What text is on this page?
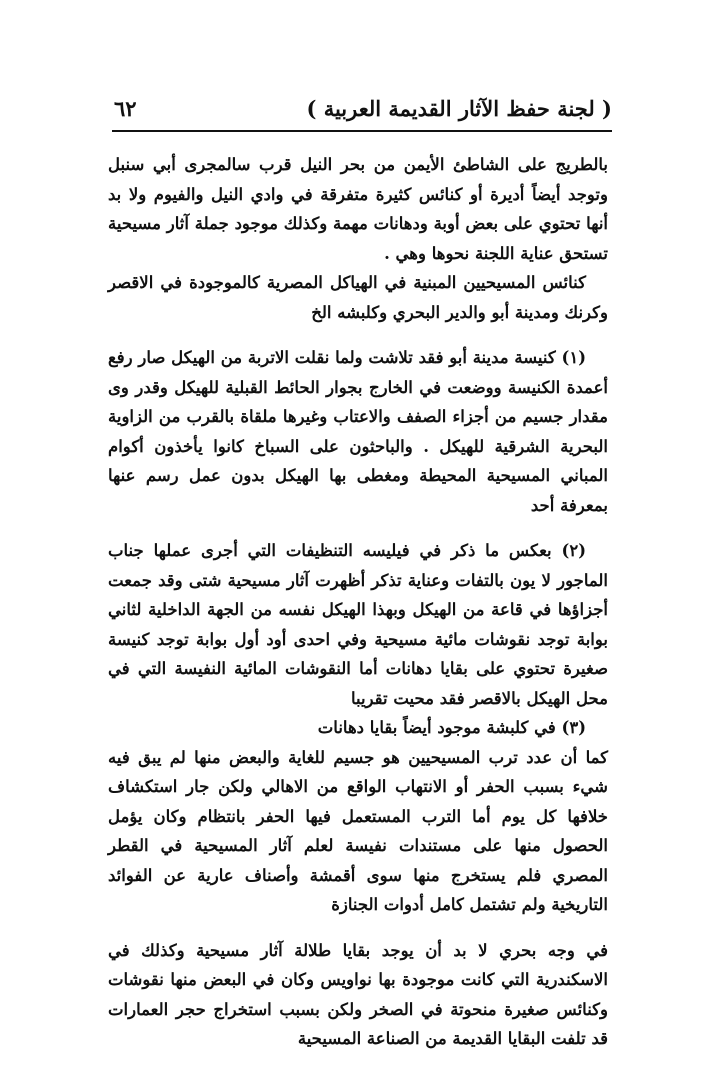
( لجنة حفظ الآثار القديمة العربية )
٦٢

بالطريج على الشاطئ الأيمن من بحر النيل قرب سالمجرى أبي سنبل وتوجد أيضاً أديرة أو كنائس كثيرة متفرقة في وادي النيل والفيوم ولا بد أنها تحتوي على بعض أوبة ودهانات مهمة وكذلك موجود جملة آثار مسيحية تستحق عناية اللجنة نحوها وهي .

كنائس المسيحيين المبنية في الهياكل المصرية كالموجودة في الاقصر وكرنك ومدينة أبو والدير البحري وكلبشه الخ

(١) كنيسة مدينة أبو فقد تلاشت ولما نقلت الاتربة من الهيكل صار رفع أعمدة الكنيسة ووضعت في الخارج بجوار الحائط القبلية للهيكل وقدر وى مقدار جسيم من أجزاء الصفف والاعتاب وغيرها ملقاة بالقرب من الزاوية البحرية الشرقية للهيكل . والباحثون على السباخ كانوا يأخذون أكوام المباني المسيحية المحيطة ومغطى بها الهيكل بدون عمل رسم عنها بمعرفة أحد

(٢) بعكس ما ذكر في فيليسه التنظيفات التي أجرى عملها جناب الماجور لا يون بالتفات وعناية تذكر أظهرت آثار مسيحية شتى وقد جمعت أجزاؤها في قاعة من الهيكل وبهذا الهيكل نفسه من الجهة الداخلية لثاني بوابة توجد نقوشات مائية مسيحية وفي احدى أود أول بوابة توجد كنيسة صغيرة تحتوي على بقايا دهانات أما النقوشات المائية النفيسة التي في محل الهيكل بالاقصر فقد محيت تقريبا

(٣) في كلبشة موجود أيضاً بقايا دهانات

كما أن عدد ترب المسيحيين هو جسيم للغاية والبعض منها لم يبق فيه شيء بسبب الحفر أو الانتهاب الواقع من الاهالي ولكن جار استكشاف خلافها كل يوم أما الترب المستعمل فيها الحفر بانتظام وكان يؤمل الحصول منها على مستندات نفيسة لعلم آثار المسيحية في القطر المصري فلم يستخرج منها سوى أقمشة وأصناف عارية عن الفوائد التاريخية ولم تشتمل كامل أدوات الجنازة

في وجه بحري لا بد أن يوجد بقايا طلالة آثار مسيحية وكذلك في الاسكندرية التي كانت موجودة بها نواويس وكان في البعض منها نقوشات وكنائس صغيرة منحوتة في الصخر ولكن بسبب استخراج حجر العمارات قد تلفت البقايا القديمة من الصناعة المسيحية
